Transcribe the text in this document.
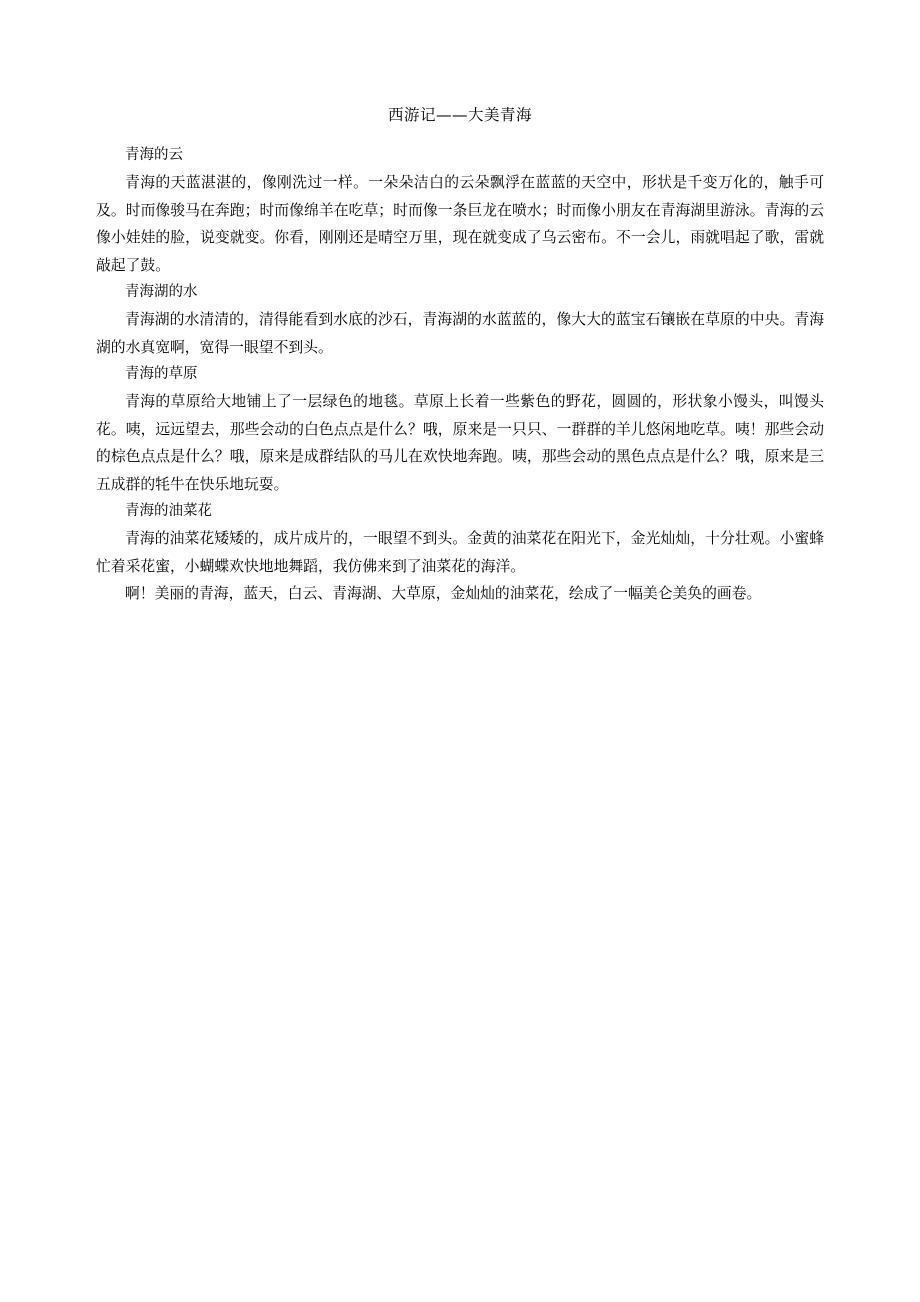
西游记——大美青海
青海的云
青海的天蓝湛湛的，像刚洗过一样。一朵朵洁白的云朵飘浮在蓝蓝的天空中，形状是千变万化的，触手可及。时而像骏马在奔跑；时而像绵羊在吃草；时而像一条巨龙在喷水；时而像小朋友在青海湖里游泳。青海的云像小娃娃的脸，说变就变。你看，刚刚还是晴空万里，现在就变成了乌云密布。不一会儿，雨就唱起了歌，雷就敲起了鼓。
青海湖的水
青海湖的水清清的，清得能看到水底的沙石，青海湖的水蓝蓝的，像大大的蓝宝石镶嵌在草原的中央。青海湖的水真宽啊，宽得一眼望不到头。
青海的草原
青海的草原给大地铺上了一层绿色的地毯。草原上长着一些紫色的野花，圆圆的，形状象小馒头，叫馒头花。咦，远远望去，那些会动的白色点点是什么？哦，原来是一只只、一群群的羊儿悠闲地吃草。咦！那些会动的棕色点点是什么？哦，原来是成群结队的马儿在欢快地奔跑。咦，那些会动的黑色点点是什么？哦，原来是三五成群的牦牛在快乐地玩耍。
青海的油菜花
青海的油菜花矮矮的，成片成片的，一眼望不到头。金黄的油菜花在阳光下，金光灿灿，十分壮观。小蜜蜂忙着采花蜜，小蝴蝶欢快地地舞蹈，我仿佛来到了油菜花的海洋。
啊！美丽的青海，蓝天，白云、青海湖、大草原，金灿灿的油菜花，绘成了一幅美仑美奂的画卷。
